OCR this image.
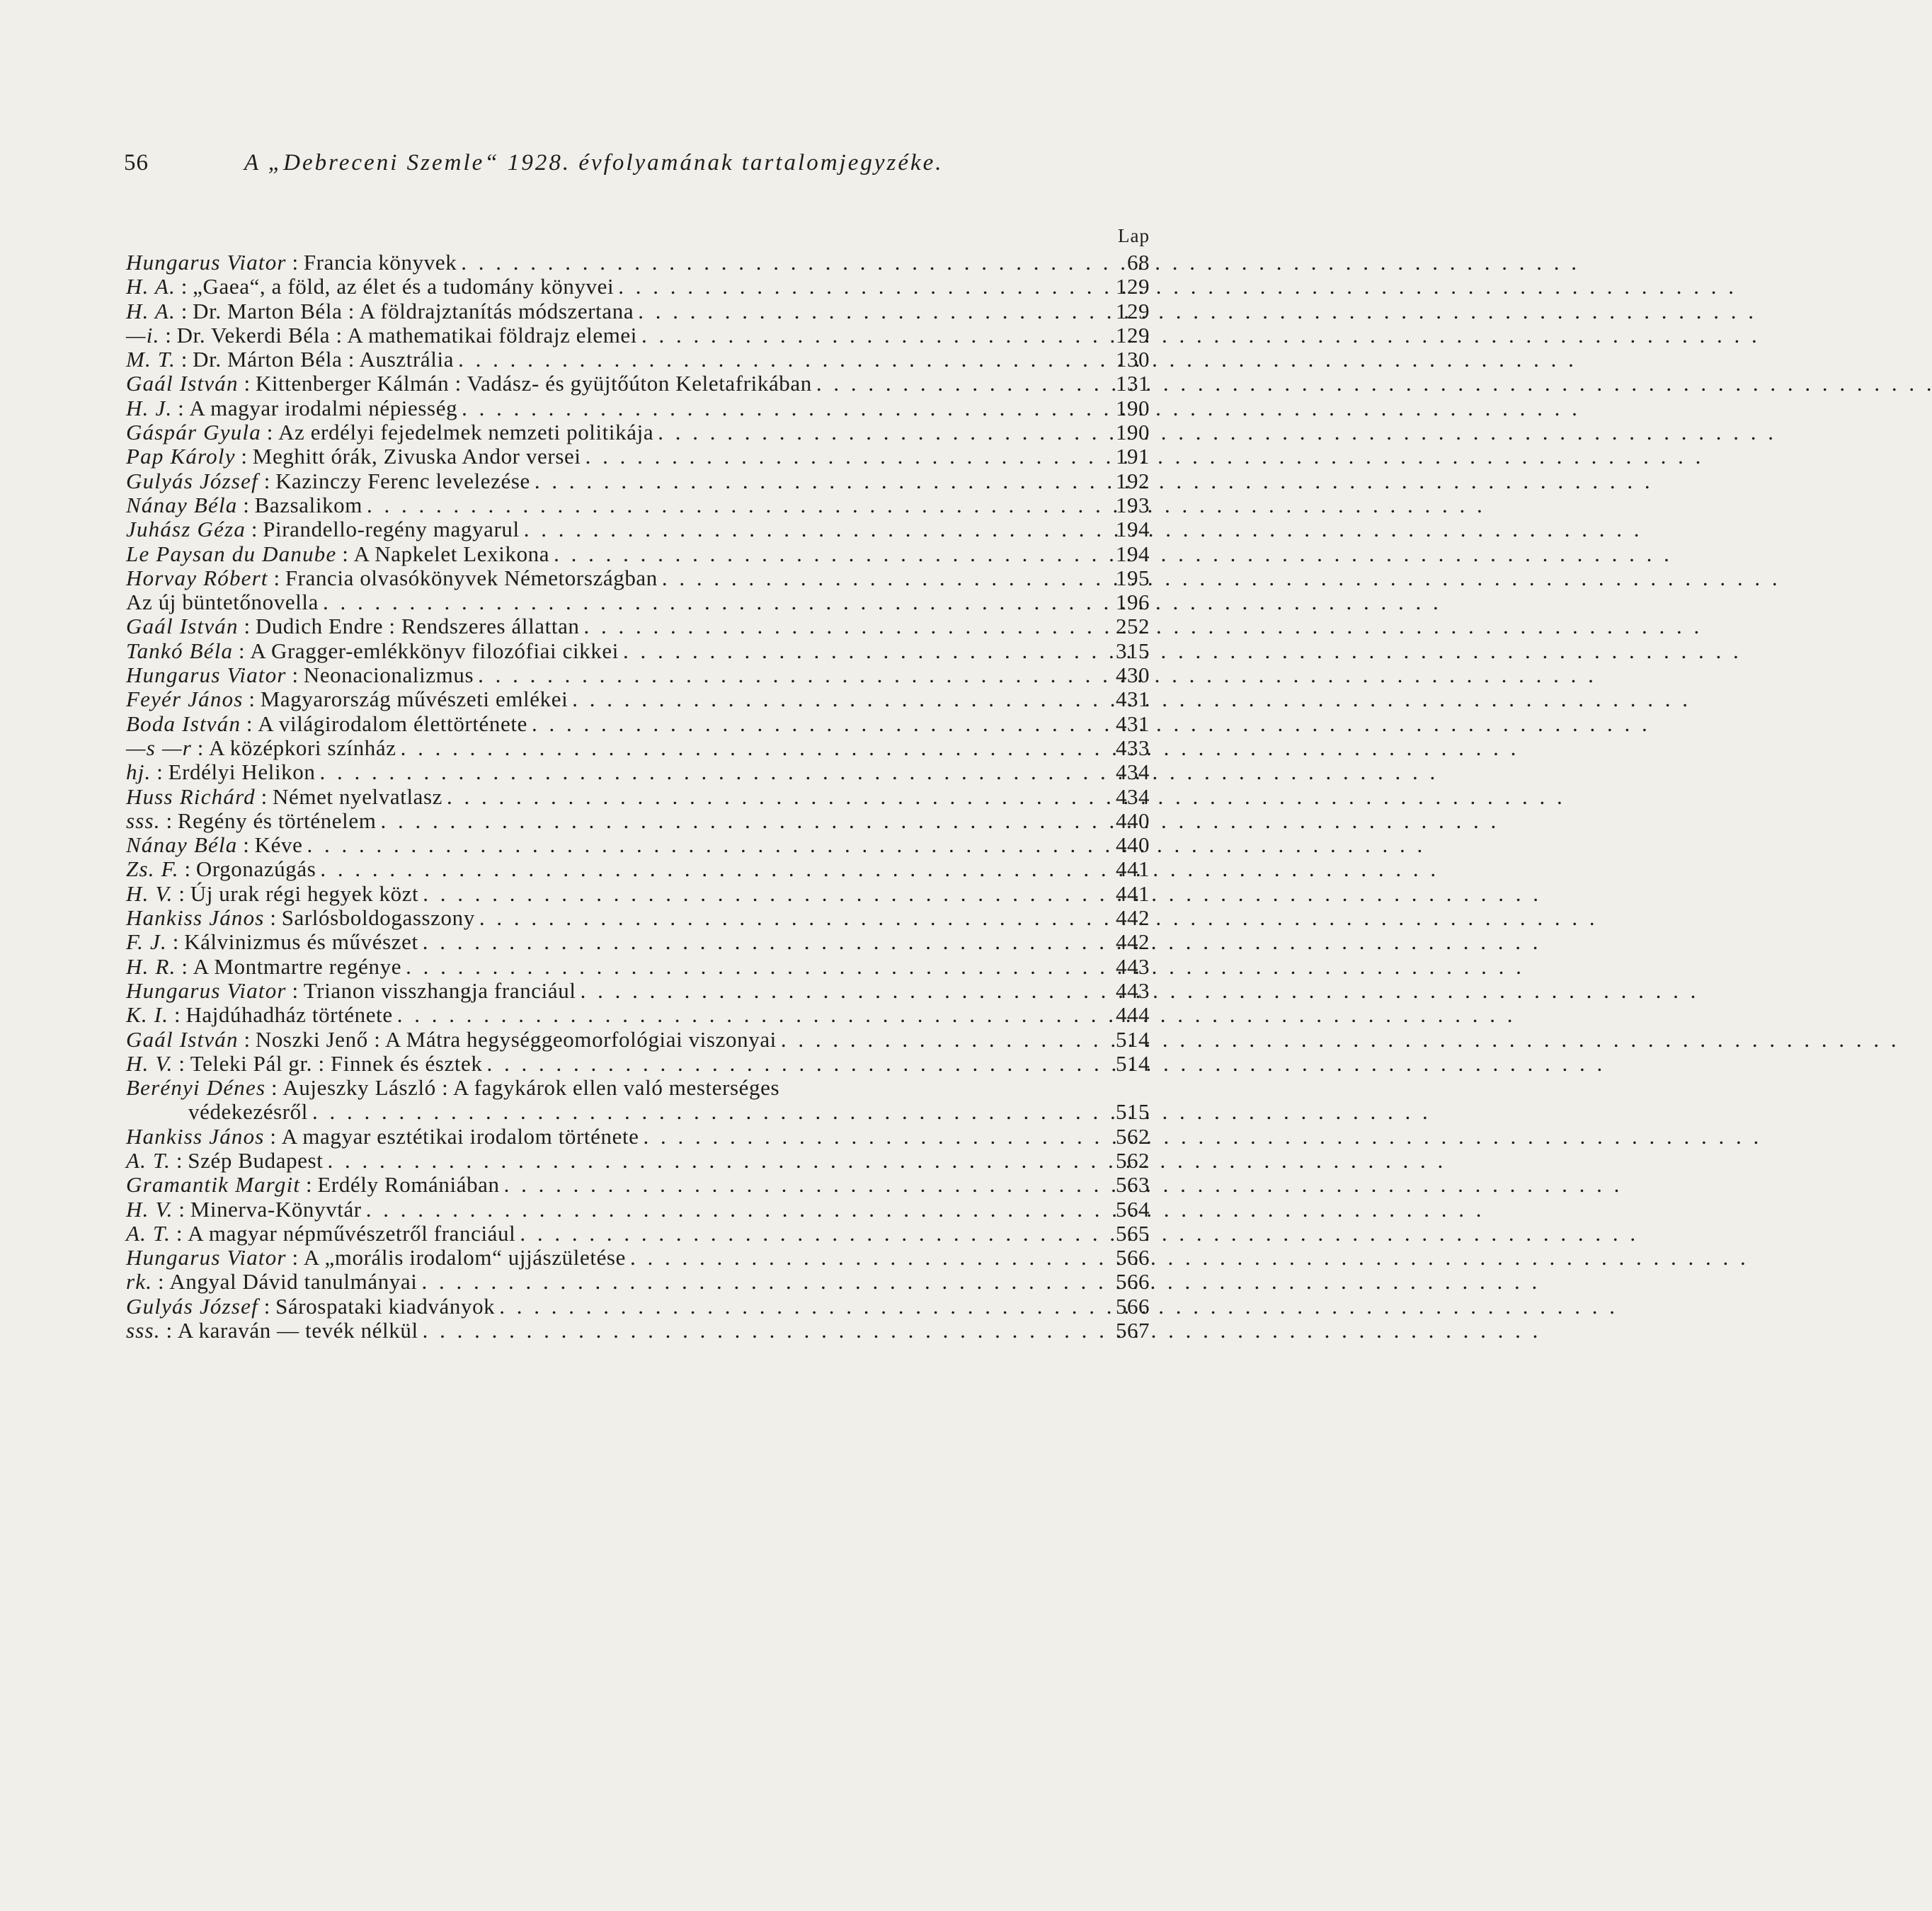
56	A „Debreceni Szemle“ 1928. évfolyamának tartalomjegyzéke.
Lap
Hungarus Viator : Francia könyvek . . .	68
H. A. : „Gaea“, a föld, az élet és a tudomány könyvei . . .	129
H. A. : Dr. Marton Béla : A földrajztanítás módszertana . . .	129
—i. : Dr. Vekerdi Béla : A mathematikai földrajz elemei . . .	129
M. T. : Dr. Márton Béla : Ausztrália . . .	130
Gaál István : Kittenberger Kálmán : Vadász- és gyüjtőúton Keletafrikában . . .	131
H. J. : A magyar irodalmi népiesség . . .	190
Gáspár Gyula : Az erdélyi fejedelmek nemzeti politikája . . .	190
Pap Károly : Meghitt órák, Zivuska Andor versei . . .	191
Gulyás József : Kazinczy Ferenc levelezése . . .	192
Nánay Béla : Bazsalikom . . .	193
Juhász Géza : Pirandello-regény magyarul . . .	194
Le Paysan du Danube : A Napkelet Lexikona . . .	194
Horvay Róbert : Francia olvasókönyvek Németországban . . .	195
Az új büntetőnovella . . .	196
Gaál István : Dudich Endre : Rendszeres állattan . . .	252
Tankó Béla : A Gragger-emlékkönyv filozófiai cikkei . . .	315
Hungarus Viator : Neonacionalizmus . . .	430
Feyér János : Magyarország művészeti emlékei . . .	431
Boda István : A világirodalom élettörténete . . .	431
—s —r : A középkori színház . . .	433
hj. : Erdélyi Helikon . . .	434
Huss Richárd : Német nyelvatlasz . . .	434
sss. : Regény és történelem . . .	440
Nánay Béla : Kéve . . .	440
Zs. F. : Orgonazúgás . . .	441
H. V. : Új urak régi hegyek közt . . .	441
Hankiss János : Sarlósboldogasszony . . .	442
F. J. : Kálvinizmus és művészet . . .	442
H. R. : A Montmartre regénye . . .	443
Hungarus Viator : Trianon visszhangja franciául . . .	443
K. I. : Hajdúhadház története . . .	444
Gaál István : Noszki Jenő : A Mátra hegységgeomorfológiai viszonyai . . .	514
H. V. : Teleki Pál gr. : Finnek és észtek . . .	514
Berényi Dénes : Aujeszky László : A fagykárok ellen való mesterséges
védekezésről . . .	515
Hankiss János : A magyar esztétikai irodalom története . . .	562
A. T. : Szép Budapest . . .	562
Gramantik Margit : Erdély Romániában . . .	563
H. V. : Minerva-Könyvtár . . .	564
A. T. : A magyar népművészetről franciául . . .	565
Hungarus Viator : A „morális irodalom“ ujjászületése . . .	566
rk. : Angyal Dávid tanulmányai . . .	566
Gulyás József : Sárospataki kiadványok . . .	566
sss. : A karaván — tevék nélkül . . .	567
